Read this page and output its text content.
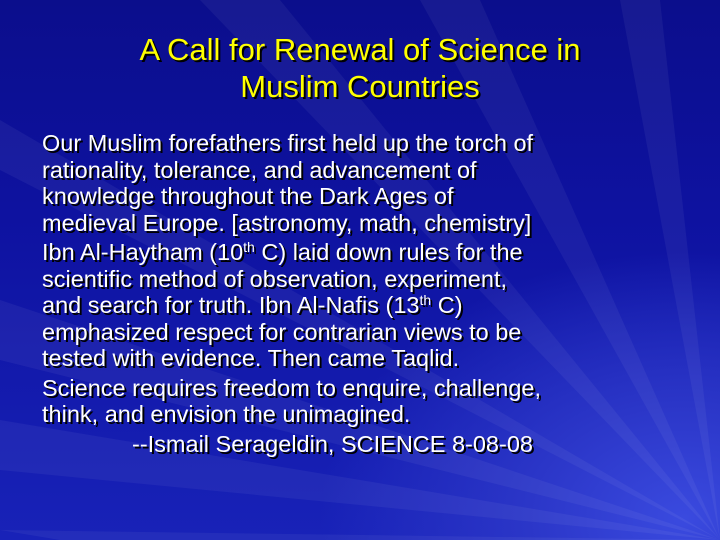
A Call for Renewal of Science in
Muslim Countries
Our Muslim forefathers first held up the torch of
rationality, tolerance, and advancement of
knowledge throughout the Dark Ages of
medieval Europe. [astronomy, math, chemistry]
Ibn Al-Haytham (10th C) laid down rules for the
scientific method of observation, experiment,
and search for truth. Ibn Al-Nafis (13th C)
emphasized respect for contrarian views to be
tested with evidence. Then came Taqlid.
Science requires freedom to enquire, challenge,
think, and envision the unimagined.
--Ismail Serageldin, SCIENCE 8-08-08
